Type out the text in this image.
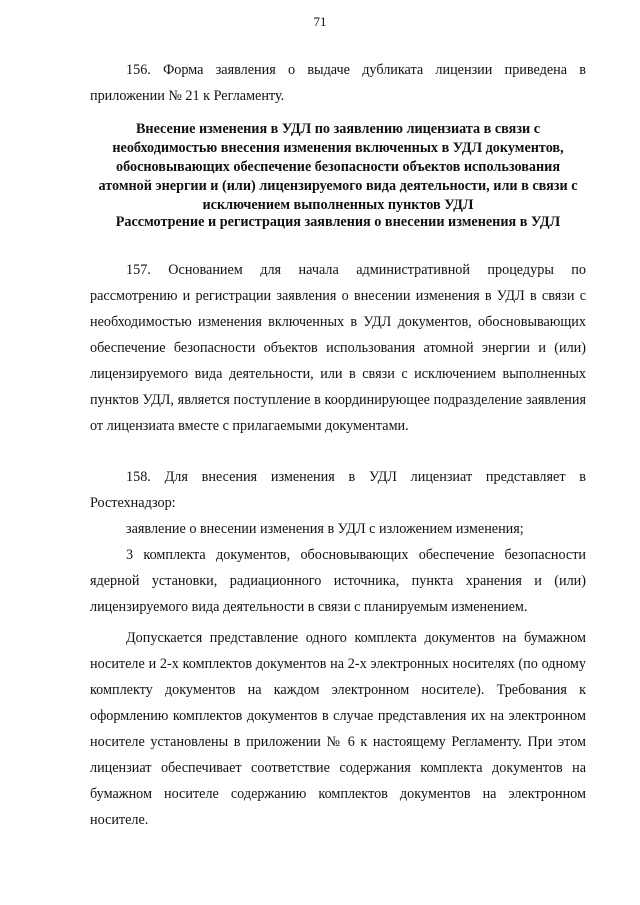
71

156. Форма заявления о выдаче дубликата лицензии приведена в приложении № 21 к Регламенту.

Внесение изменения в УДЛ по заявлению лицензиата в связи с необходимостью внесения изменения включенных в УДЛ документов, обосновывающих обеспечение безопасности объектов использования атомной энергии и (или) лицензируемого вида деятельности, или в связи с исключением выполненных пунктов УДЛ

Рассмотрение и регистрация заявления о внесении изменения в УДЛ

157. Основанием для начала административной процедуры по рассмотрению и регистрации заявления о внесении изменения в УДЛ в связи с необходимостью изменения включенных в УДЛ документов, обосновывающих обеспечение безопасности объектов использования атомной энергии и (или) лицензируемого вида деятельности, или в связи с исключением выполненных пунктов УДЛ, является поступление в координирующее подразделение заявления от лицензиата вместе с прилагаемыми документами.

158. Для внесения изменения в УДЛ лицензиат представляет в Ростехнадзор:

заявление о внесении изменения в УДЛ с изложением изменения;

3 комплекта документов, обосновывающих обеспечение безопасности ядерной установки, радиационного источника, пункта хранения и (или) лицензируемого вида деятельности в связи с планируемым изменением.

Допускается представление одного комплекта документов на бумажном носителе и 2-х комплектов документов на 2-х электронных носителях (по одному комплекту документов на каждом электронном носителе). Требования к оформлению комплектов документов в случае представления их на электронном носителе установлены в приложении № 6 к настоящему Регламенту. При этом лицензиат обеспечивает соответствие содержания комплекта документов на бумажном носителе содержанию комплектов документов на электронном носителе.
